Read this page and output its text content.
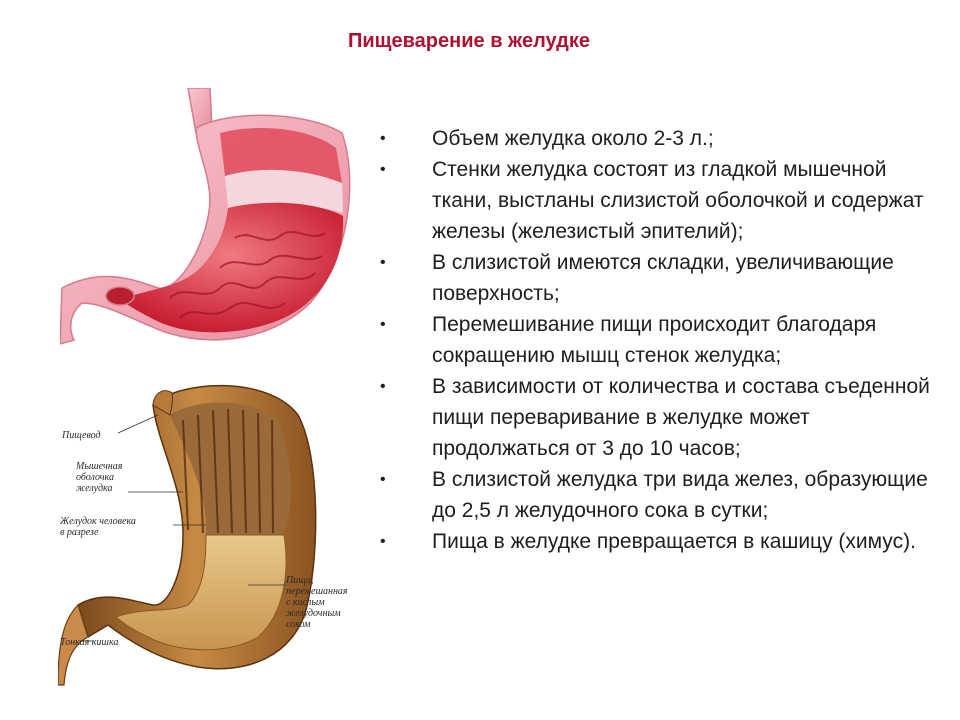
Пищеварение в желудке
Пищевод
Мышечная
оболочка
желудка
Желудок человека
в разрезе
Пища,
перемешанная
с кислым
желудочным
соком
Тонкая кишка
• Объем желудка около 2-3 л.;
• Стенки желудка состоят из гладкой мышечной ткани, выстланы слизистой оболочкой и содержат железы (железистый эпителий);
• В слизистой имеются складки, увеличивающие поверхность;
• Перемешивание пищи происходит благодаря сокращению мышц стенок желудка;
• В зависимости от количества и состава съеденной пищи переваривание в желудке может продолжаться от 3 до 10 часов;
• В слизистой желудка три вида желез, образующие до 2,5 л желудочного сока в сутки;
• Пища в желудке превращается в кашицу (химус).
